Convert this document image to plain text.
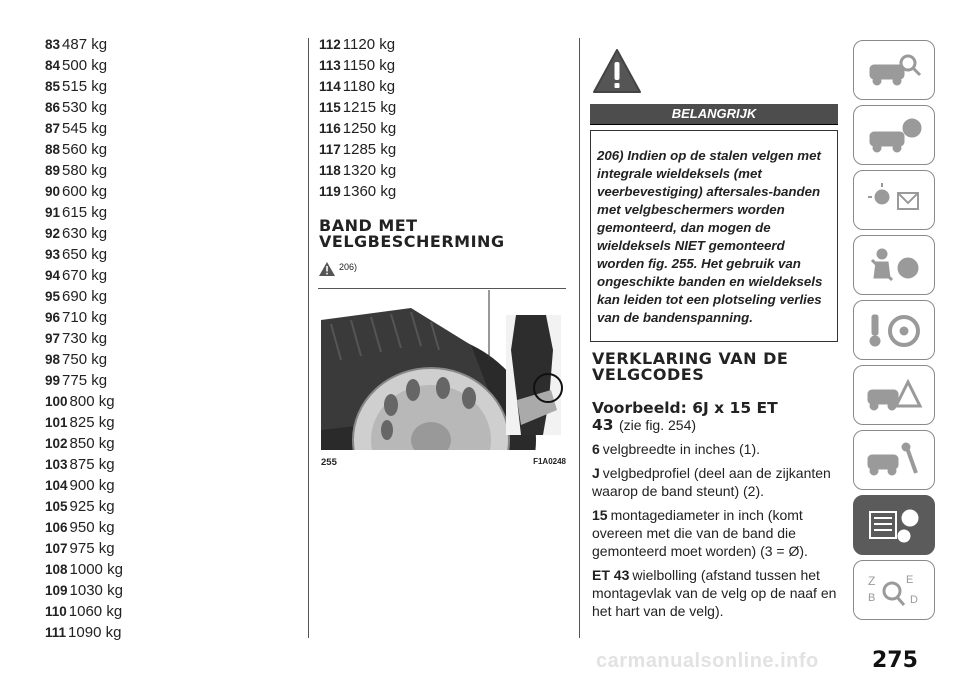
83 487 kg
84 500 kg
85 515 kg
86 530 kg
87 545 kg
88 560 kg
89 580 kg
90 600 kg
91 615 kg
92 630 kg
93 650 kg
94 670 kg
95 690 kg
96 710 kg
97 730 kg
98 750 kg
99 775 kg
100 800 kg
101 825 kg
102 850 kg
103 875 kg
104 900 kg
105 925 kg
106 950 kg
107 975 kg
108 1000 kg
109 1030 kg
110 1060 kg
111 1090 kg
112 1120 kg
113 1150 kg
114 1180 kg
115 1215 kg
116 1250 kg
117 1285 kg
118 1320 kg
119 1360 kg
BAND MET
VELGBESCHERMING
206)
255	F1A0248
BELANGRIJK

206) Indien op de stalen velgen met integrale wieldeksels (met veerbevestiging) aftersales-banden met velgbeschermers worden gemonteerd, dan mogen de wieldeksels NIET gemonteerd worden fig. 255. Het gebruik van ongeschikte banden en wieldeksels kan leiden tot een plotseling verlies van de bandenspanning.

VERKLARING VAN DE
VELGCODES
Voorbeeld: 6J x 15 ET
43 (zie fig. 254)
6 velgbreedte in inches (1).
J velgbedprofiel (deel aan de zijkanten waarop de band steunt) (2).
15 montagediameter in inch (komt overeen met die van de band die gemonteerd moet worden) (3 = Ø).
ET 43 wielbolling (afstand tussen het montagevlak van de velg op de naaf en het hart van de velg).
Z	E
B	D
carmanualsonline.info 275
